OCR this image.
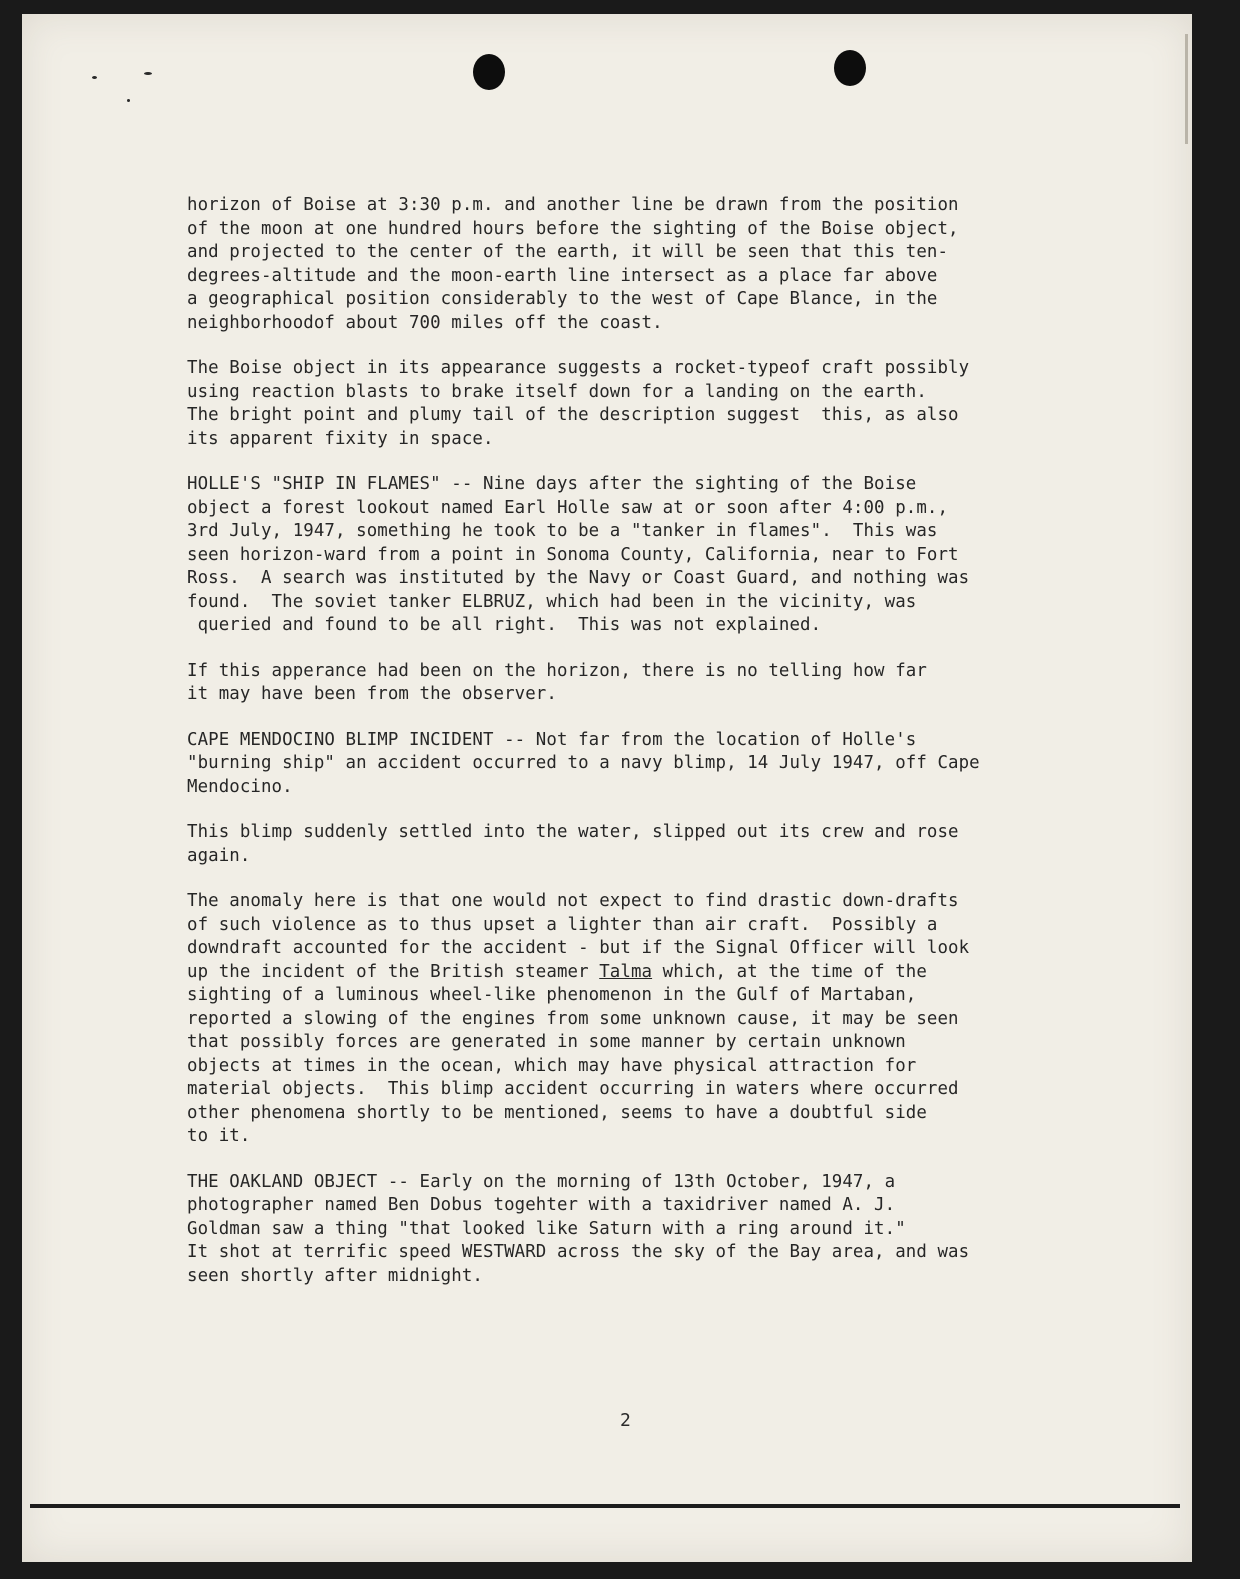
horizon of Boise at 3:30 p.m. and another line be drawn from the position
of the moon at one hundred hours before the sighting of the Boise object,
and projected to the center of the earth, it will be seen that this ten-
degrees-altitude and the moon-earth line intersect as a place far above
a geographical position considerably to the west of Cape Blance, in the
neighborhoodof about 700 miles off the coast.
The Boise object in its appearance suggests a rocket-typeof craft possibly
using reaction blasts to brake itself down for a landing on the earth.
The bright point and plumy tail of the description suggest  this, as also
its apparent fixity in space.
HOLLE'S "SHIP IN FLAMES" -- Nine days after the sighting of the Boise
object a forest lookout named Earl Holle saw at or soon after 4:00 p.m.,
3rd July, 1947, something he took to be a "tanker in flames".  This was
seen horizon-ward from a point in Sonoma County, California, near to Fort
Ross.  A search was instituted by the Navy or Coast Guard, and nothing was
found.  The soviet tanker ELBRUZ, which had been in the vicinity, was
queried and found to be all right.  This was not explained.
If this apperance had been on the horizon, there is no telling how far
it may have been from the observer.
CAPE MENDOCINO BLIMP INCIDENT -- Not far from the location of Holle's
"burning ship" an accident occurred to a navy blimp, 14 July 1947, off Cape
Mendocino.
This blimp suddenly settled into the water, slipped out its crew and rose
again.
The anomaly here is that one would not expect to find drastic down-drafts
of such violence as to thus upset a lighter than air craft.  Possibly a
downdraft accounted for the accident - but if the Signal Officer will look
up the incident of the British steamer Talma which, at the time of the
sighting of a luminous wheel-like phenomenon in the Gulf of Martaban,
reported a slowing of the engines from some unknown cause, it may be seen
that possibly forces are generated in some manner by certain unknown
objects at times in the ocean, which may have physical attraction for
material objects.  This blimp accident occurring in waters where occurred
other phenomena shortly to be mentioned, seems to have a doubtful side
to it.
THE OAKLAND OBJECT -- Early on the morning of 13th October, 1947, a
photographer named Ben Dobus togehter with a taxidriver named A. J.
Goldman saw a thing "that looked like Saturn with a ring around it."
It shot at terrific speed WESTWARD across the sky of the Bay area, and was
seen shortly after midnight.
2
